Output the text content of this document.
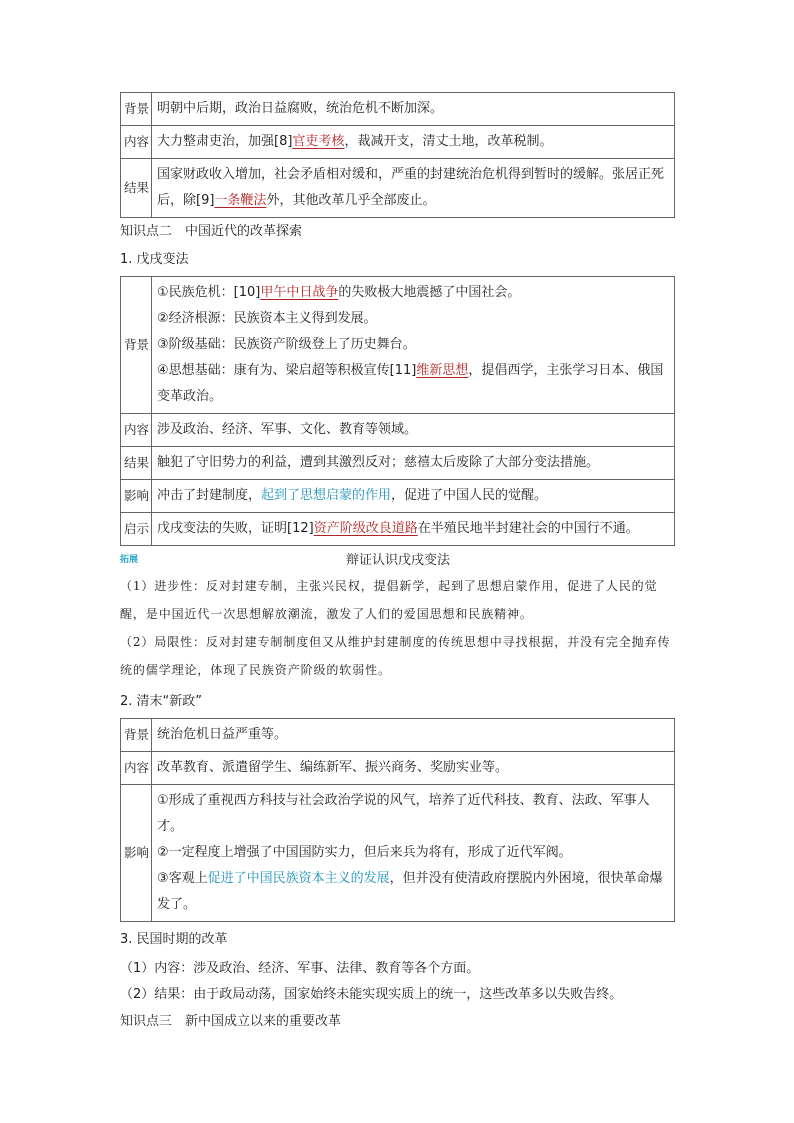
背景	明朝中后期，政治日益腐败，统治危机不断加深。
内容	大力整肃吏治，加强[8]官吏考核，裁减开支，清丈土地，改革税制。
结果	国家财政收入增加，社会矛盾相对缓和，严重的封建统治危机得到暂时的缓解。张居正死后，除[9]一条鞭法外，其他改革几乎全部废止。
知识点二　中国近代的改革探索
1. 戊戌变法
背景	①民族危机：[10]甲午中日战争的失败极大地震撼了中国社会。
②经济根源：民族资本主义得到发展。
③阶级基础：民族资产阶级登上了历史舞台。
④思想基础：康有为、梁启超等积极宣传[11]维新思想，提倡西学，主张学习日本、俄国变革政治。

内容	涉及政治、经济、军事、文化、教育等领域。
结果	触犯了守旧势力的利益，遭到其激烈反对；慈禧太后废除了大部分变法措施。
影响	冲击了封建制度，起到了思想启蒙的作用，促进了中国人民的觉醒。
启示	戊戌变法的失败，证明[12]资产阶级改良道路在半殖民地半封建社会的中国行不通。
拓展	辩证认识戊戌变法

（1）进步性：反对封建专制，主张兴民权，提倡新学，起到了思想启蒙作用，促进了人民的觉醒，是中国近代一次思想解放潮流，激发了人们的爱国思想和民族精神。

（2）局限性：反对封建专制制度但又从维护封建制度的传统思想中寻找根据，并没有完全抛弃传统的儒学理论，体现了民族资产阶级的软弱性。

2. 清末“新政”
背景	统治危机日益严重等。
内容	改革教育、派遣留学生、编练新军、振兴商务、奖励实业等。
影响	①形成了重视西方科技与社会政治学说的风气，培养了近代科技、教育、法政、军事人才。
②一定程度上增强了中国国防实力，但后来兵为将有，形成了近代军阀。
③客观上促进了中国民族资本主义的发展，但并没有使清政府摆脱内外困境，很快革命爆发了。
3. 民国时期的改革

（1）内容：涉及政治、经济、军事、法律、教育等各个方面。

（2）结果：由于政局动荡，国家始终未能实现实质上的统一，这些改革多以失败告终。

知识点三　新中国成立以来的重要改革
